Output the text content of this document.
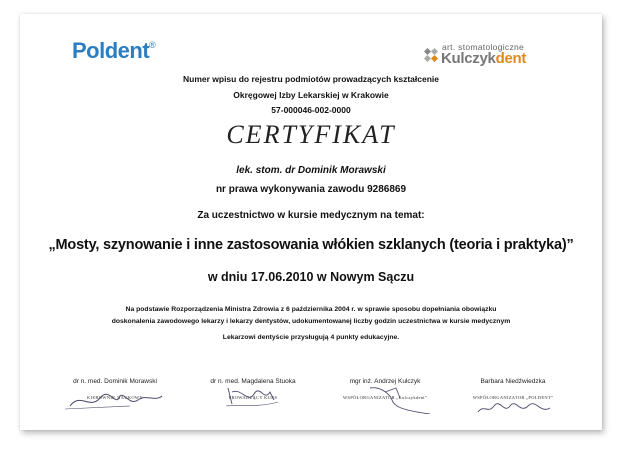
Poldent®	art. stomatologiczne
Kulczykdent
Numer wpisu do rejestru podmiotów prowadzących kształcenie
Okręgowej Izby Lekarskiej w Krakowie
57-000046-002-0000
CERTYFIKAT
lek. stom. dr Dominik Morawski
nr prawa wykonywania zawodu 9286869
Za uczestnictwo w kursie medycznym na temat:
„Mosty, szynowanie i inne zastosowania włókien szklanych (teoria i praktyka)”
w dniu 17.06.2010 w Nowym Sączu
Na podstawie Rozporządzenia Ministra Zdrowia z 6 października 2004 r. w sprawie sposobu dopełniania obowiązku
doskonalenia zawodowego lekarzy i lekarzy dentystów, udokumentowanej liczby godzin uczestnictwa w kursie medycznym
Lekarzowi dentyście przysługują 4 punkty edukacyjne.
dr n. med. Dominik Morawski
KIEROWNIK NAUKOWY
dr n. med. Magdalena Stuoka
PROWADZĄCY KURS
mgr inż. Andrzej Kulczyk
WSPÓŁORGANIZATOR „Kulczykdent”
Barbara Niedźwiedzka
WSPÓŁORGANIZATOR „POLDENT”
